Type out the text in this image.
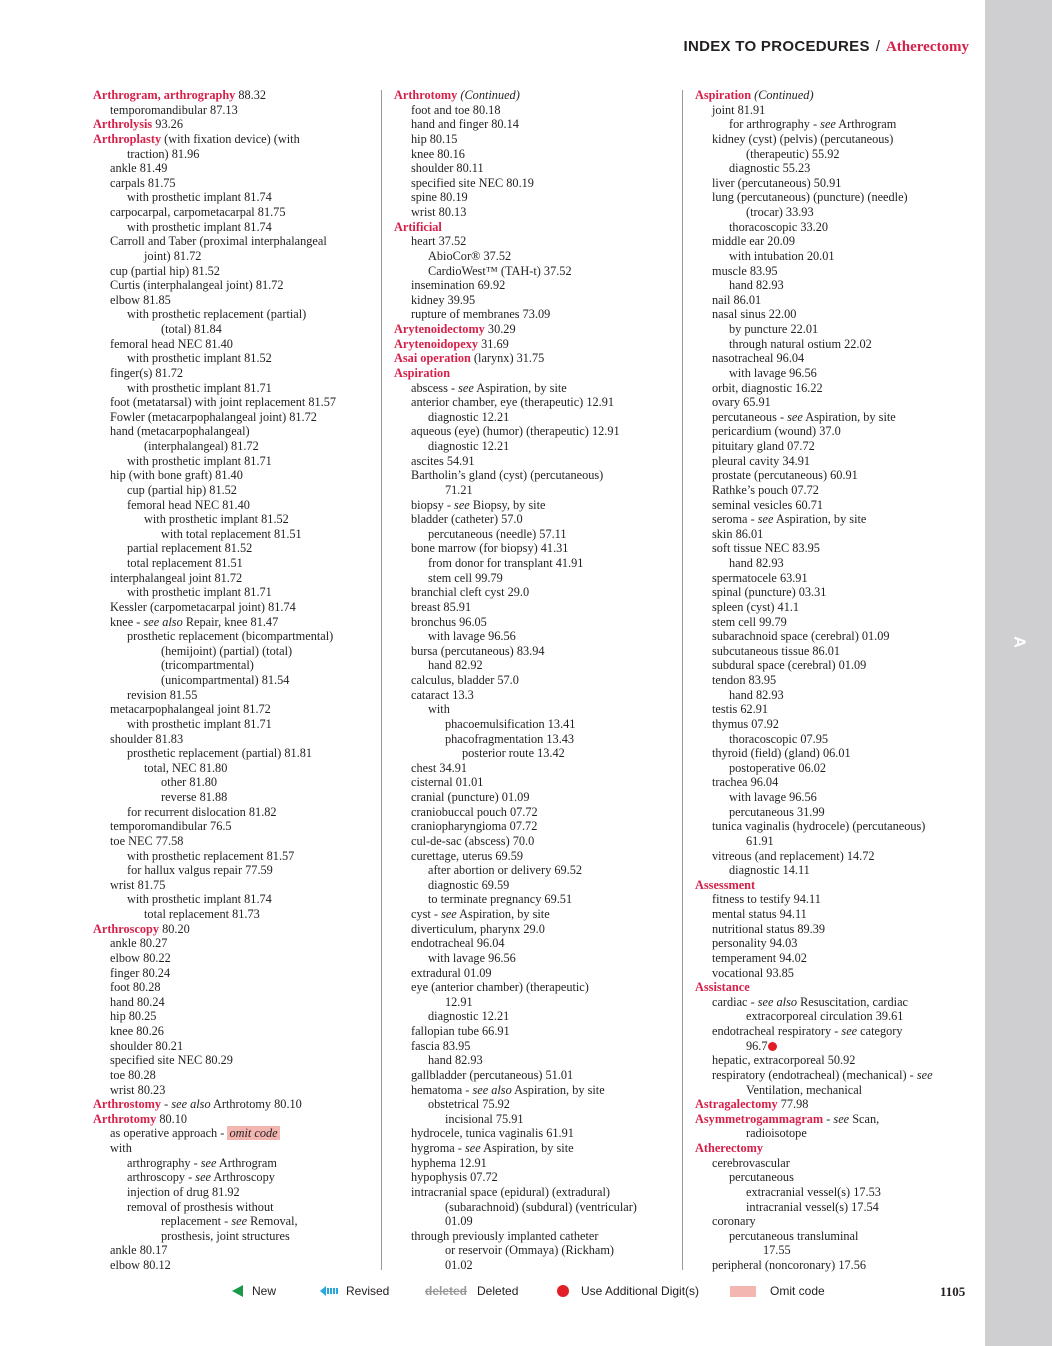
A
INDEX TO PROCEDURES / Atherectomy
Arthrogram, arthrography 88.32
temporomandibular 87.13
Arthrolysis 93.26
Arthroplasty (with fixation device) (with
traction) 81.96
ankle 81.49
carpals 81.75
with prosthetic implant 81.74
carpocarpal, carpometacarpal 81.75
with prosthetic implant 81.74
Carroll and Taber (proximal interphalangeal
joint) 81.72
cup (partial hip) 81.52
Curtis (interphalangeal joint) 81.72
elbow 81.85
with prosthetic replacement (partial)
(total) 81.84
femoral head NEC 81.40
with prosthetic implant 81.52
finger(s) 81.72
with prosthetic implant 81.71
foot (metatarsal) with joint replacement 81.57
Fowler (metacarpophalangeal joint) 81.72
hand (metacarpophalangeal)
(interphalangeal) 81.72
with prosthetic implant 81.71
hip (with bone graft) 81.40
cup (partial hip) 81.52
femoral head NEC 81.40
with prosthetic implant 81.52
with total replacement 81.51
partial replacement 81.52
total replacement 81.51
interphalangeal joint 81.72
with prosthetic implant 81.71
Kessler (carpometacarpal joint) 81.74
knee - see also Repair, knee 81.47
prosthetic replacement (bicompartmental)
(hemijoint) (partial) (total)
(tricompartmental)
(unicompartmental) 81.54
revision 81.55
metacarpophalangeal joint 81.72
with prosthetic implant 81.71
shoulder 81.83
prosthetic replacement (partial) 81.81
total, NEC 81.80
other 81.80
reverse 81.88
for recurrent dislocation 81.82
temporomandibular 76.5
toe NEC 77.58
with prosthetic replacement 81.57
for hallux valgus repair 77.59
wrist 81.75
with prosthetic implant 81.74
total replacement 81.73
Arthroscopy 80.20
ankle 80.27
elbow 80.22
finger 80.24
foot 80.28
hand 80.24
hip 80.25
knee 80.26
shoulder 80.21
specified site NEC 80.29
toe 80.28
wrist 80.23
Arthrostomy - see also Arthrotomy 80.10
Arthrotomy 80.10
as operative approach - omit code
with
arthrography - see Arthrogram
arthroscopy - see Arthroscopy
injection of drug 81.92
removal of prosthesis without
replacement - see Removal,
prosthesis, joint structures
ankle 80.17
elbow 80.12
Arthrotomy (Continued)
foot and toe 80.18
hand and finger 80.14
hip 80.15
knee 80.16
shoulder 80.11
specified site NEC 80.19
spine 80.19
wrist 80.13
Artificial
heart 37.52
AbioCor® 37.52
CardioWest™ (TAH-t) 37.52
insemination 69.92
kidney 39.95
rupture of membranes 73.09
Arytenoidectomy 30.29
Arytenoidopexy 31.69
Asai operation (larynx) 31.75
Aspiration
abscess - see Aspiration, by site
anterior chamber, eye (therapeutic) 12.91
diagnostic 12.21
aqueous (eye) (humor) (therapeutic) 12.91
diagnostic 12.21
ascites 54.91
Bartholin’s gland (cyst) (percutaneous)
71.21
biopsy - see Biopsy, by site
bladder (catheter) 57.0
percutaneous (needle) 57.11
bone marrow (for biopsy) 41.31
from donor for transplant 41.91
stem cell 99.79
branchial cleft cyst 29.0
breast 85.91
bronchus 96.05
with lavage 96.56
bursa (percutaneous) 83.94
hand 82.92
calculus, bladder 57.0
cataract 13.3
with
phacoemulsification 13.41
phacofragmentation 13.43
posterior route 13.42
chest 34.91
cisternal 01.01
cranial (puncture) 01.09
craniobuccal pouch 07.72
craniopharyngioma 07.72
cul-de-sac (abscess) 70.0
curettage, uterus 69.59
after abortion or delivery 69.52
diagnostic 69.59
to terminate pregnancy 69.51
cyst - see Aspiration, by site
diverticulum, pharynx 29.0
endotracheal 96.04
with lavage 96.56
extradural 01.09
eye (anterior chamber) (therapeutic)
12.91
diagnostic 12.21
fallopian tube 66.91
fascia 83.95
hand 82.93
gallbladder (percutaneous) 51.01
hematoma - see also Aspiration, by site
obstetrical 75.92
incisional 75.91
hydrocele, tunica vaginalis 61.91
hygroma - see Aspiration, by site
hyphema 12.91
hypophysis 07.72
intracranial space (epidural) (extradural)
(subarachnoid) (subdural) (ventricular)
01.09
through previously implanted catheter
or reservoir (Ommaya) (Rickham)
01.02
Aspiration (Continued)
joint 81.91
for arthrography - see Arthrogram
kidney (cyst) (pelvis) (percutaneous)
(therapeutic) 55.92
diagnostic 55.23
liver (percutaneous) 50.91
lung (percutaneous) (puncture) (needle)
(trocar) 33.93
thoracoscopic 33.20
middle ear 20.09
with intubation 20.01
muscle 83.95
hand 82.93
nail 86.01
nasal sinus 22.00
by puncture 22.01
through natural ostium 22.02
nasotracheal 96.04
with lavage 96.56
orbit, diagnostic 16.22
ovary 65.91
percutaneous - see Aspiration, by site
pericardium (wound) 37.0
pituitary gland 07.72
pleural cavity 34.91
prostate (percutaneous) 60.91
Rathke’s pouch 07.72
seminal vesicles 60.71
seroma - see Aspiration, by site
skin 86.01
soft tissue NEC 83.95
hand 82.93
spermatocele 63.91
spinal (puncture) 03.31
spleen (cyst) 41.1
stem cell 99.79
subarachnoid space (cerebral) 01.09
subcutaneous tissue 86.01
subdural space (cerebral) 01.09
tendon 83.95
hand 82.93
testis 62.91
thymus 07.92
thoracoscopic 07.95
thyroid (field) (gland) 06.01
postoperative 06.02
trachea 96.04
with lavage 96.56
percutaneous 31.99
tunica vaginalis (hydrocele) (percutaneous)
61.91
vitreous (and replacement) 14.72
diagnostic 14.11
Assessment
fitness to testify 94.11
mental status 94.11
nutritional status 89.39
personality 94.03
temperament 94.02
vocational 93.85
Assistance
cardiac - see also Resuscitation, cardiac
extracorporeal circulation 39.61
endotracheal respiratory - see category
96.7
hepatic, extracorporeal 50.92
respiratory (endotracheal) (mechanical) - see
Ventilation, mechanical
Astragalectomy 77.98
Asymmetrogammagram - see Scan,
radioisotope
Atherectomy
cerebrovascular
percutaneous
extracranial vessel(s) 17.53
intracranial vessel(s) 17.54
coronary
percutaneous transluminal
17.55
peripheral (noncoronary) 17.56
New	Revised	deleted Deleted	Use Additional Digit(s)	Omit code	1105
